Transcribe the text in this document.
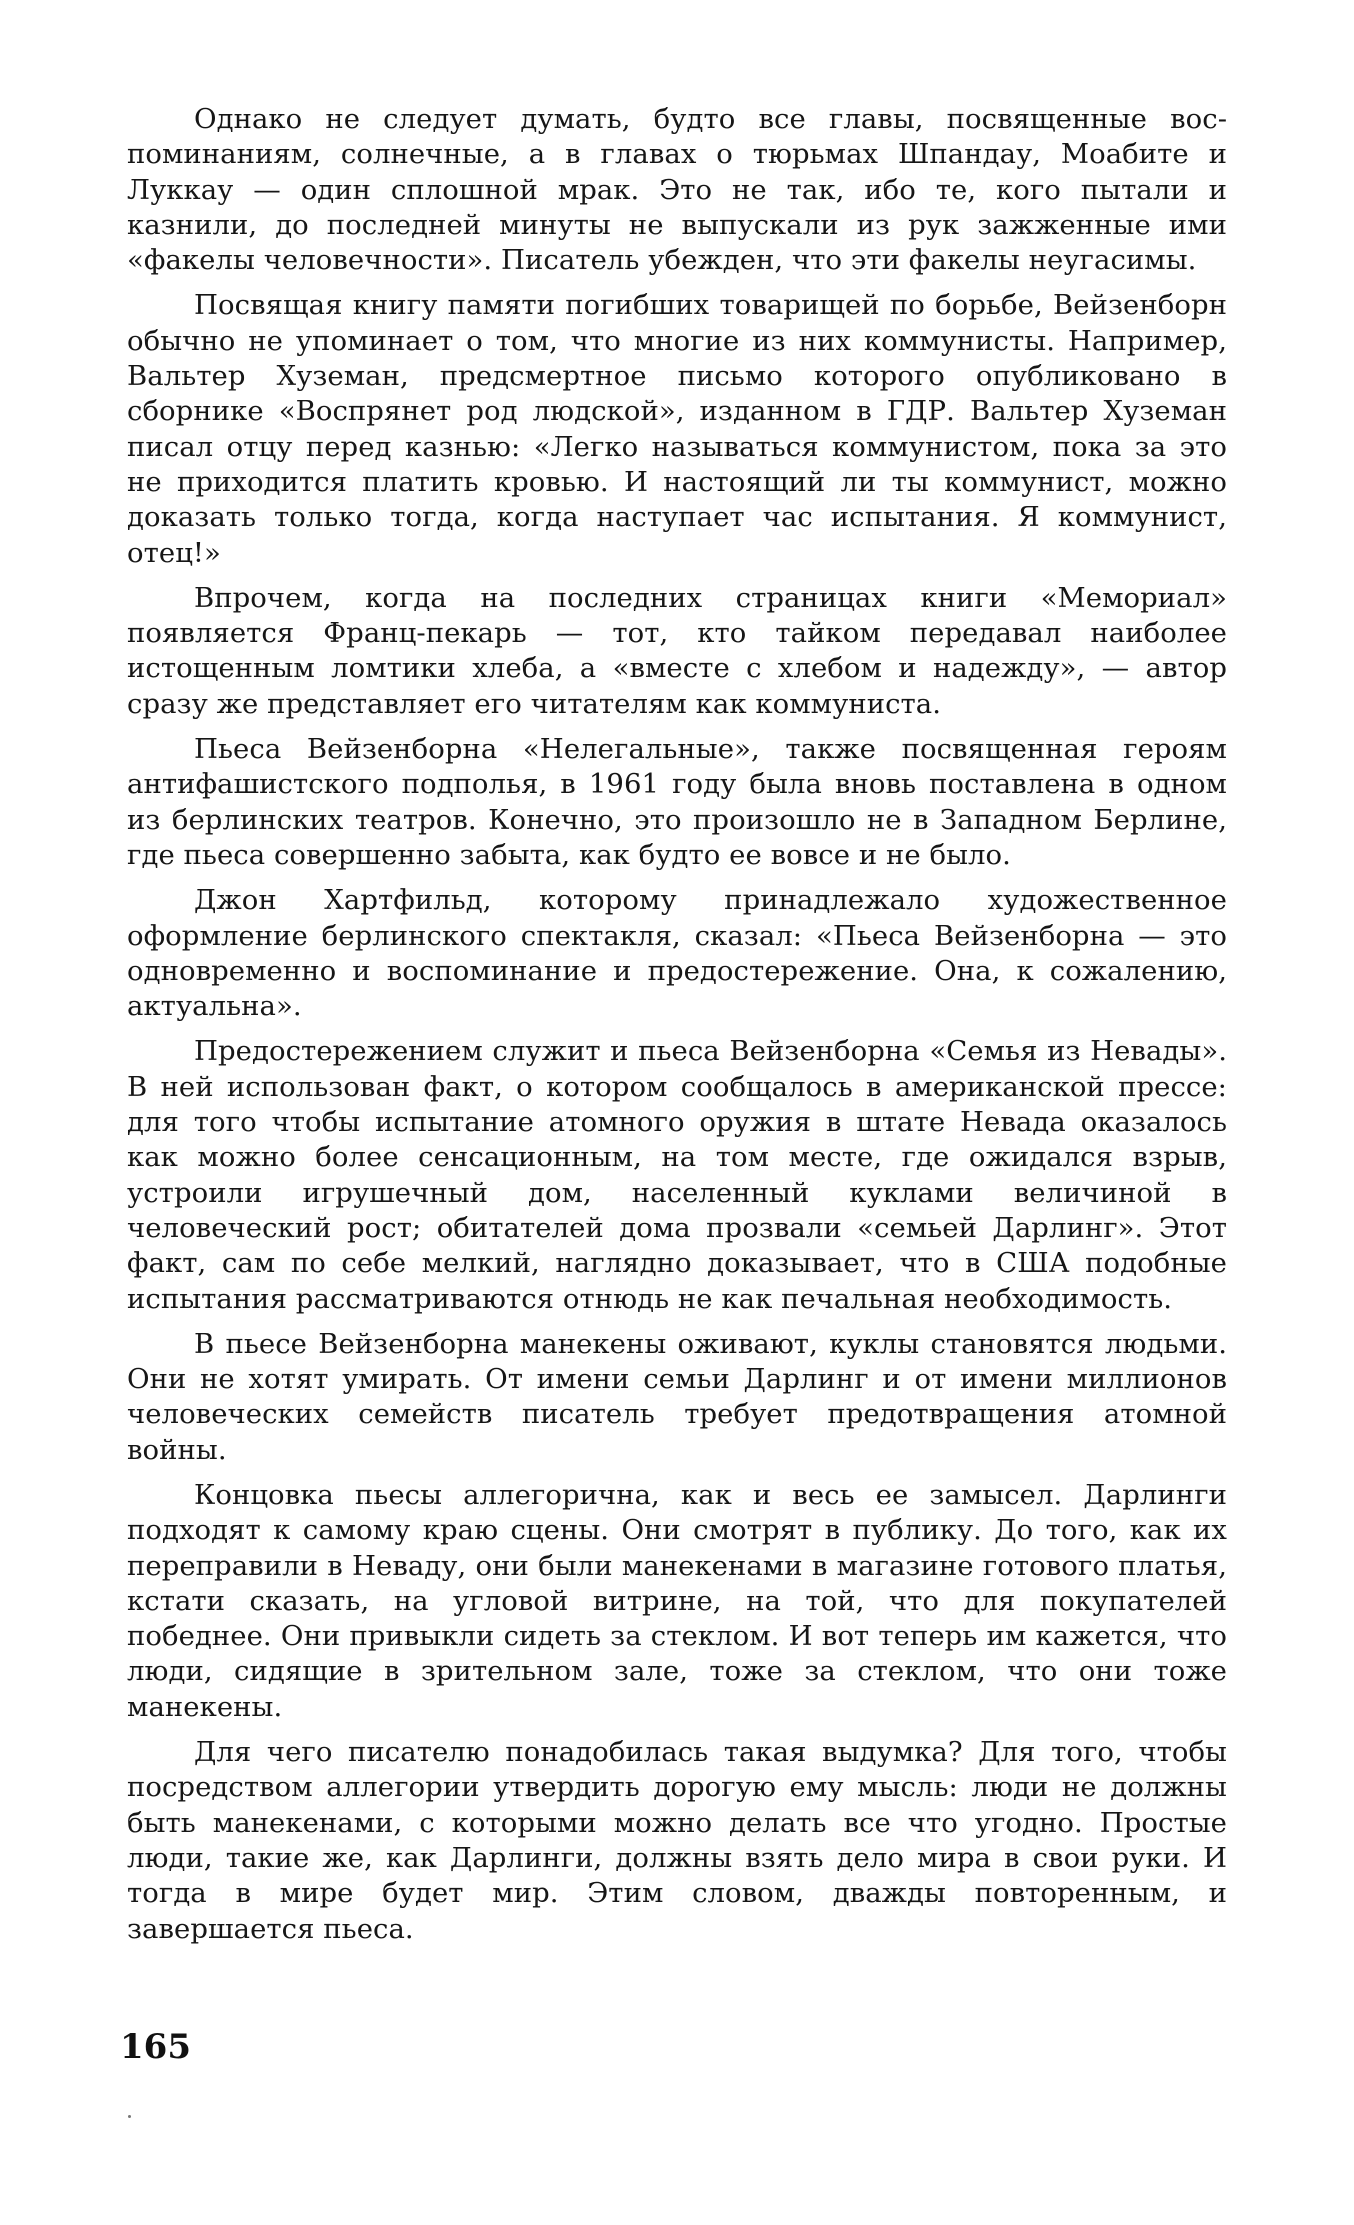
Однако не следует думать, будто все главы, посвященные воспоминаниям, солнечные, а в главах о тюрьмах Шпандау, Моабите и Луккау — один сплошной мрак. Это не так, ибо те, кого пытали и казнили, до последней минуты не выпускали из рук зажженные ими «факелы человечности». Писатель убежден, что эти факелы неугасимы.

Посвящая книгу памяти погибших товарищей по борьбе, Вейзенборн обычно не упоминает о том, что многие из них коммунисты. Например, Вальтер Хуземан, предсмертное письмо которого опубликовано в сборнике «Воспрянет род людской», изданном в ГДР. Вальтер Хуземан писал отцу перед казнью: «Легко называться коммунистом, пока за это не приходится платить кровью. И настоящий ли ты коммунист, можно доказать только тогда, когда наступает час испытания. Я коммунист, отец!»

Впрочем, когда на последних страницах книги «Мемориал» появляется Франц-пекарь — тот, кто тайком передавал наиболее истощенным ломтики хлеба, а «вместе с хлебом и надежду», — автор сразу же представляет его читателям как коммуниста.

Пьеса Вейзенборна «Нелегальные», также посвященная героям антифашистского подполья, в 1961 году была вновь поставлена в одном из берлинских театров. Конечно, это произошло не в Западном Берлине, где пьеса совершенно забыта, как будто ее вовсе и не было.

Джон Хартфильд, которому принадлежало художественное оформление берлинского спектакля, сказал: «Пьеса Вейзенборна — это одновременно и воспоминание и предостережение. Она, к сожалению, актуальна».

Предостережением служит и пьеса Вейзенборна «Семья из Невады». В ней использован факт, о котором сообщалось в американской прессе: для того чтобы испытание атомного оружия в штате Невада оказалось как можно более сенсационным, на том месте, где ожидался взрыв, устроили игрушечный дом, населенный куклами величиной в человеческий рост; обитателей дома прозвали «семьей Дарлинг». Этот факт, сам по себе мелкий, наглядно доказывает, что в США подобные испытания рассматриваются отнюдь не как печальная необходимость.

В пьесе Вейзенборна манекены оживают, куклы становятся людьми. Они не хотят умирать. От имени семьи Дарлинг и от имени миллионов человеческих семейств писатель требует предотвращения атомной войны.

Концовка пьесы аллегорична, как и весь ее замысел. Дарлинги подходят к самому краю сцены. Они смотрят в публику. До того, как их переправили в Неваду, они были манекенами в магазине готового платья, кстати сказать, на угловой витрине, на той, что для покупателей победнее. Они привыкли сидеть за стеклом. И вот теперь им кажется, что люди, сидящие в зрительном зале, тоже за стеклом, что они тоже манекены.

Для чего писателю понадобилась такая выдумка? Для того, чтобы посредством аллегории утвердить дорогую ему мысль: люди не должны быть манекенами, с которыми можно делать все что угодно. Простые люди, такие же, как Дарлинги, должны взять дело мира в свои руки. И тогда в мире будет мир. Этим словом, дважды повторенным, и завершается пьеса.

165
